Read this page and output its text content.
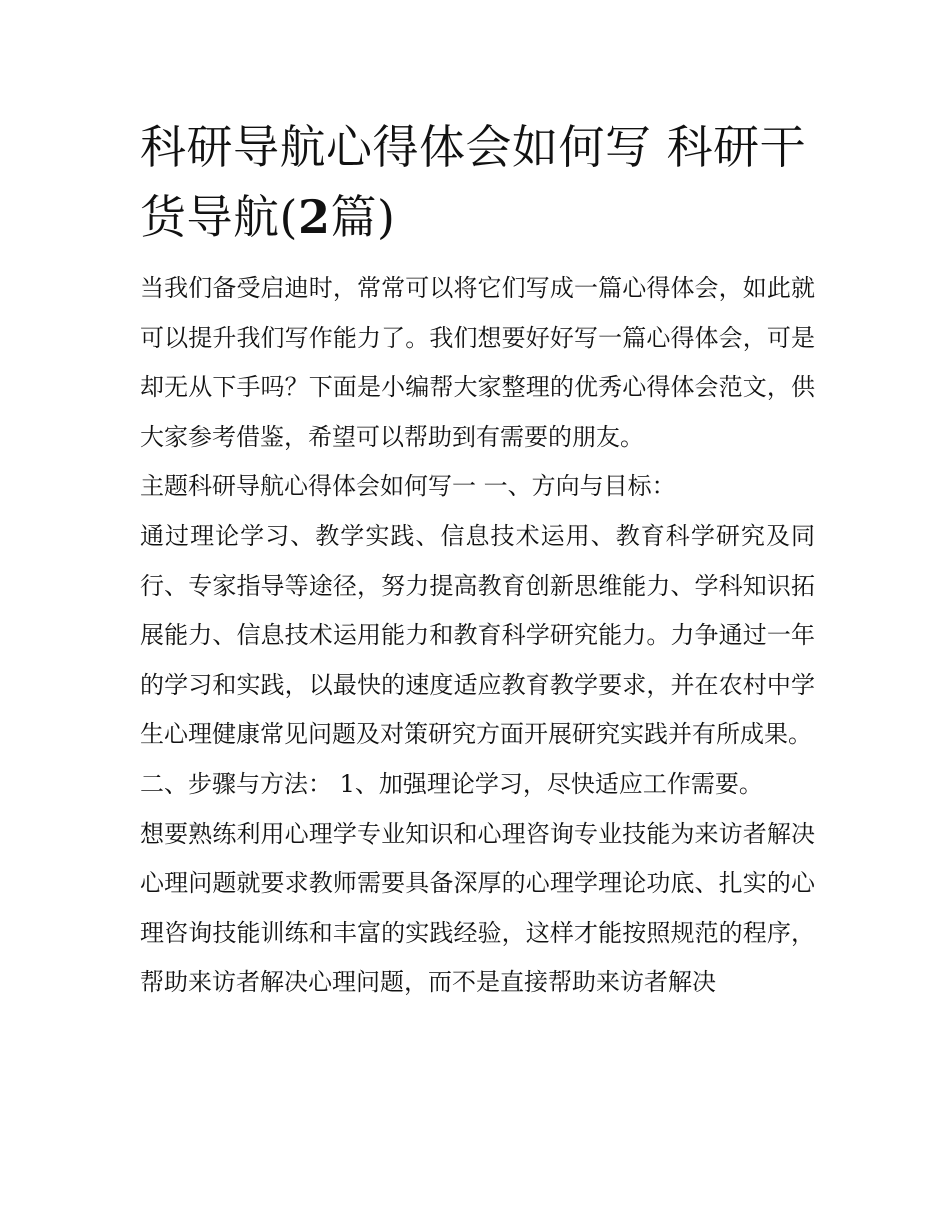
科研导航心得体会如何写 科研干货导航(2篇)

当我们备受启迪时，常常可以将它们写成一篇心得体会，如此就可以提升我们写作能力了。我们想要好好写一篇心得体会，可是却无从下手吗？下面是小编帮大家整理的优秀心得体会范文，供大家参考借鉴，希望可以帮助到有需要的朋友。

主题科研导航心得体会如何写一 一、方向与目标：

通过理论学习、教学实践、信息技术运用、教育科学研究及同行、专家指导等途径，努力提高教育创新思维能力、学科知识拓展能力、信息技术运用能力和教育科学研究能力。力争通过一年的学习和实践，以最快的速度适应教育教学要求，并在农村中学生心理健康常见问题及对策研究方面开展研究实践并有所成果。

二、步骤与方法： 1、加强理论学习，尽快适应工作需要。

想要熟练利用心理学专业知识和心理咨询专业技能为来访者解决心理问题就要求教师需要具备深厚的心理学理论功底、扎实的心理咨询技能训练和丰富的实践经验，这样才能按照规范的程序，帮助来访者解决心理问题，而不是直接帮助来访者解决
